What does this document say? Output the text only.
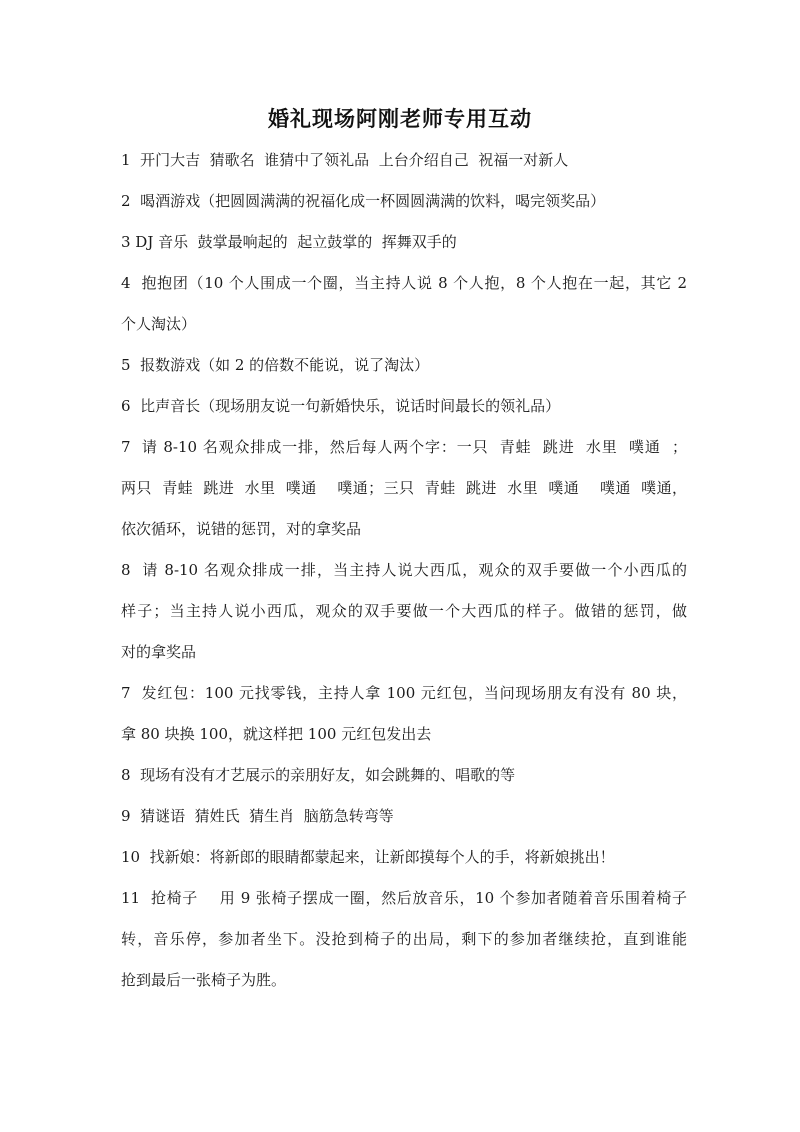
婚礼现场阿刚老师专用互动
1  开门大吉  猜歌名  谁猜中了领礼品  上台介绍自己  祝福一对新人
2  喝酒游戏（把圆圆满满的祝福化成一杯圆圆满满的饮料，喝完领奖品）
3 DJ 音乐  鼓掌最响起的  起立鼓掌的  挥舞双手的
4  抱抱团（10 个人围成一个圈，当主持人说 8 个人抱，8 个人抱在一起，其它 2
个人淘汰）
5  报数游戏（如 2 的倍数不能说，说了淘汰）
6  比声音长（现场朋友说一句新婚快乐，说话时间最长的领礼品）
7  请 8-10 名观众排成一排，然后每人两个字：一只  青蛙  跳进  水里  噗通  ；
两只  青蛙  跳进  水里  噗通    噗通；三只  青蛙  跳进  水里  噗通    噗通  噗通，
依次循环，说错的惩罚，对的拿奖品
8  请 8-10 名观众排成一排，当主持人说大西瓜，观众的双手要做一个小西瓜的
样子；当主持人说小西瓜，观众的双手要做一个大西瓜的样子。做错的惩罚，做
对的拿奖品
7  发红包：100 元找零钱，主持人拿 100 元红包，当问现场朋友有没有 80 块，
拿 80 块换 100，就这样把 100 元红包发出去
8  现场有没有才艺展示的亲朋好友，如会跳舞的、唱歌的等
9  猜谜语  猜姓氏  猜生肖  脑筋急转弯等
10  找新娘：将新郎的眼睛都蒙起来，让新郎摸每个人的手，将新娘挑出！
11  抢椅子    用 9 张椅子摆成一圈，然后放音乐，10 个参加者随着音乐围着椅子
转，音乐停，参加者坐下。没抢到椅子的出局，剩下的参加者继续抢，直到谁能
抢到最后一张椅子为胜。
